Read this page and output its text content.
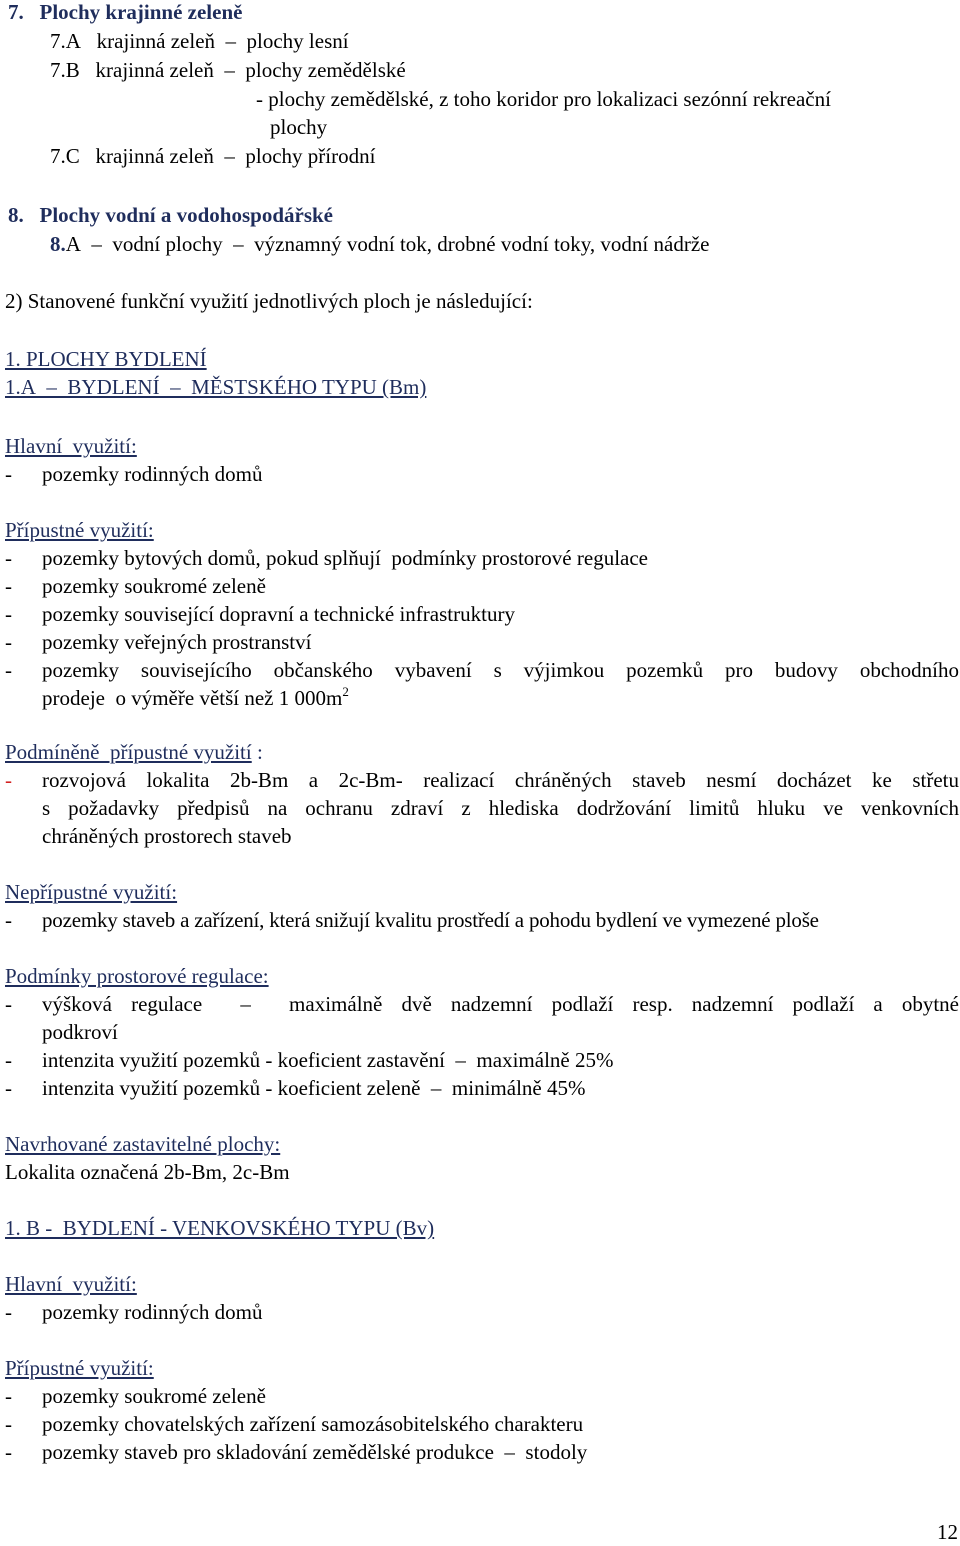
7.   Plochy krajinné zeleně
7.A   krajinná zeleň  –  plochy lesní
7.B   krajinná zeleň  –  plochy zemědělské
- plochy zemědělské, z toho koridor pro lokalizaci sezónní rekreační
plochy
7.C   krajinná zeleň  –  plochy přírodní
8.   Plochy vodní a vodohospodářské
8.A  –  vodní plochy  –  významný vodní tok, drobné vodní toky, vodní nádrže
2) Stanovené funkční využití jednotlivých ploch je následující:
1. PLOCHY BYDLENÍ
1.A  –  BYDLENÍ  –  MĚSTSKÉHO TYPU (Bm)
Hlavní  využití:
- pozemky rodinných domů
Přípustné využití:
- pozemky bytových domů, pokud splňují  podmínky prostorové regulace
- pozemky soukromé zeleně
- pozemky související dopravní a technické infrastruktury
- pozemky veřejných prostranství
- pozemky souvisejícího občanského vybavení s výjimkou pozemků pro budovy obchodního
prodeje  o výměře větší než 1 $000m^2$
Podmíněně  přípustné využití :
- rozvojová lokalita 2b-Bm a 2c-Bm- realizací chráněných staveb nesmí docházet ke střetu
s požadavky předpisů na ochranu zdraví z hlediska dodržování limitů hluku ve venkovních
chráněných prostorech staveb
Nepřípustné využití:
- pozemky staveb a zařízení, která snižují kvalitu prostředí a pohodu bydlení ve vymezené ploše
Podmínky prostorové regulace:
- výšková regulace  –  maximálně dvě nadzemní podlaží resp. nadzemní podlaží a obytné
podkroví
- intenzita využití pozemků - koeficient zastavění  –  maximálně 25%
- intenzita využití pozemků - koeficient zeleně  –  minimálně 45%
Navrhované zastavitelné plochy:
Lokalita označená 2b-Bm, 2c-Bm
1. B -  BYDLENÍ - VENKOVSKÉHO TYPU (Bv)
Hlavní  využití:
- pozemky rodinných domů
Přípustné využití:
- pozemky soukromé zeleně
- pozemky chovatelských zařízení samozásobitelského charakteru
- pozemky staveb pro skladování zemědělské produkce  –  stodoly
12
